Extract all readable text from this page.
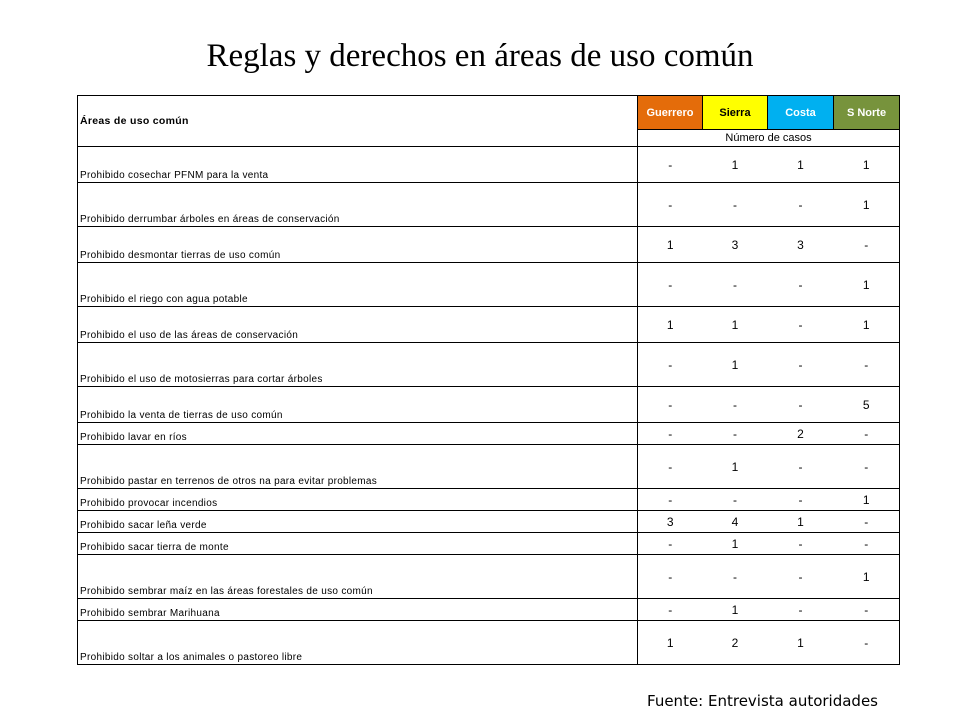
Reglas y derechos en áreas de uso común
Áreas de uso común	Guerrero	Sierra	Costa	S Norte
	Número de casos			
Prohibido cosechar PFNM para la venta	-	1	1	1
Prohibido derrumbar árboles en áreas de conservación	-	-	-	1
Prohibido desmontar tierras de uso común	1	3	3	-
Prohibido el riego con agua potable	-	-	-	1
Prohibido el uso de las áreas de conservación	1	1	-	1
Prohibido el uso de motosierras para cortar árboles	-	1	-	-
Prohibido la venta de tierras de uso común	-	-	-	5
Prohibido lavar en ríos	-	-	2	-
Prohibido pastar en terrenos de otros na para evitar problemas	-	1	-	-
Prohibido provocar incendios	-	-	-	1
Prohibido sacar leña verde	3	4	1	-
Prohibido sacar tierra de monte	-	1	-	-
Prohibido sembrar maíz en las áreas forestales de uso común	-	-	-	1
Prohibido sembrar Marihuana	-	1	-	-
Prohibido soltar a los animales o pastoreo libre	1	2	1	-
Fuente: Entrevista autoridades
